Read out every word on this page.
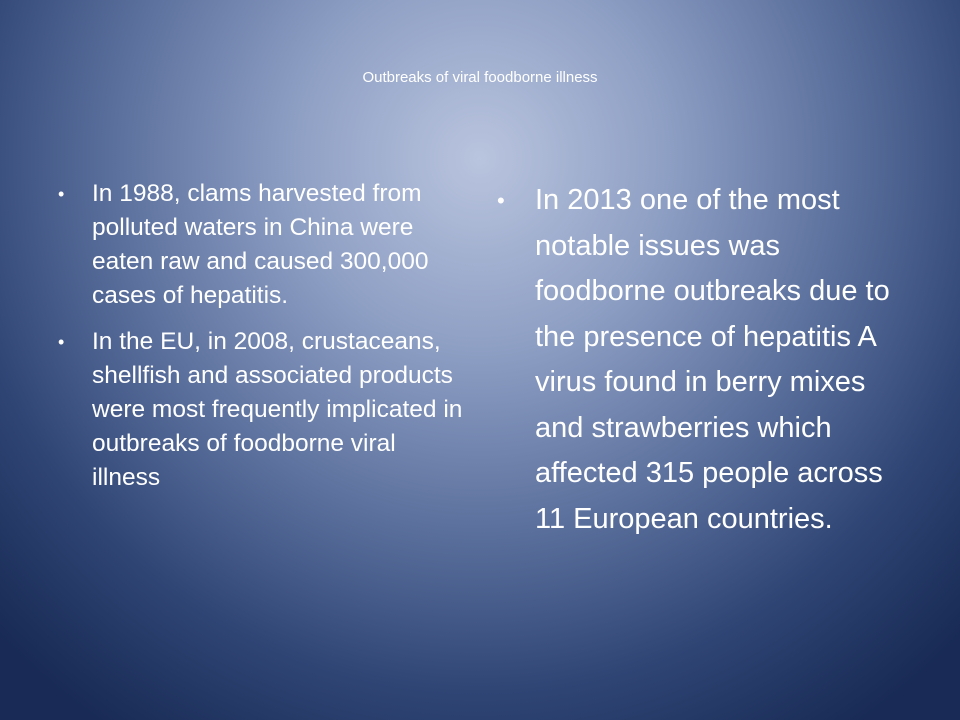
Outbreaks of viral foodborne illness
• In 1988, clams harvested from polluted waters in China were eaten raw and caused 300,000 cases of hepatitis.
• In the EU, in 2008, crustaceans, shellfish and associated products were most frequently implicated in outbreaks of foodborne viral illness
• In 2013 one of the most notable issues was foodborne outbreaks due to the presence of hepatitis A virus found in berry mixes and strawberries which affected 315 people across 11 European countries.
